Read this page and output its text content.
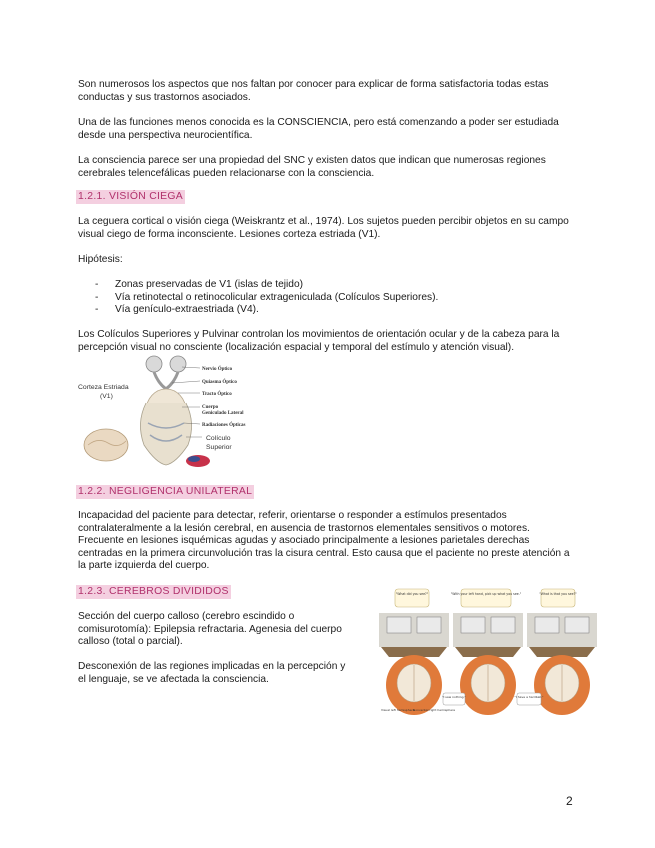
Son numerosos los aspectos que nos faltan por conocer para explicar de forma satisfactoria todas estas conductas y sus trastornos asociados.

Una de las funciones menos conocida es la CONSCIENCIA, pero está comenzando a poder ser estudiada desde una perspectiva neurocientífica.

La consciencia parece ser una propiedad del SNC y existen datos que indican que numerosas regiones cerebrales telencefálicas pueden relacionarse con la consciencia.

1.2.1. VISIÓN CIEGA

La ceguera cortical o visión ciega (Weiskrantz et al., 1974). Los sujetos pueden percibir objetos en su campo visual ciego de forma inconsciente. Lesiones corteza estriada (V1).

Hipótesis:

- Zonas preservadas de V1 (islas de tejido)
- Vía retinotectal o retinocolicular extrageniculada (Colículos Superiores).
- Vía genículo-extraestriada (V4).

Los Colículos Superiores y Pulvinar controlan los movimientos de orientación ocular y de la cabeza para la percepción visual no consciente (localización espacial y temporal del estímulo y atención visual).

Corteza Estriada
(V1)
Nervio Óptico
Quiasma Óptico
Tracto Óptico
Cuerpo
Geniculado Lateral
Radiaciones Ópticas
Colículo
Superior
1.2.2. NEGLIGENCIA UNILATERAL

Incapacidad del paciente para detectar, referir, orientarse o responder a estímulos presentados contralateralmente a la lesión cerebral, en ausencia de trastornos elementales sensitivos o motores. Frecuente en lesiones isquémicas agudas y asociado principalmente a lesiones parietales derechas centradas en la primera circunvolución tras la cisura central. Esto causa que el paciente no preste atención a la parte izquierda del cuerpo.

1.2.3. CEREBROS DIVIDIDOS

Sección del cuerpo calloso (cerebro escindido o comisurotomía): Epilepsia refractaria. Agenesia del cuerpo calloso (total o parcial).

Desconexión de las regiones implicadas en la percepción y el lenguaje, se ve afectada la consciencia.

"What did you see?"	"With your left hand, pick up what you see."	"What is that you see?"
"I saw nothing."	"I have a hardball."
Visual left hemisphere
Nonverbal right hemisphere
2
